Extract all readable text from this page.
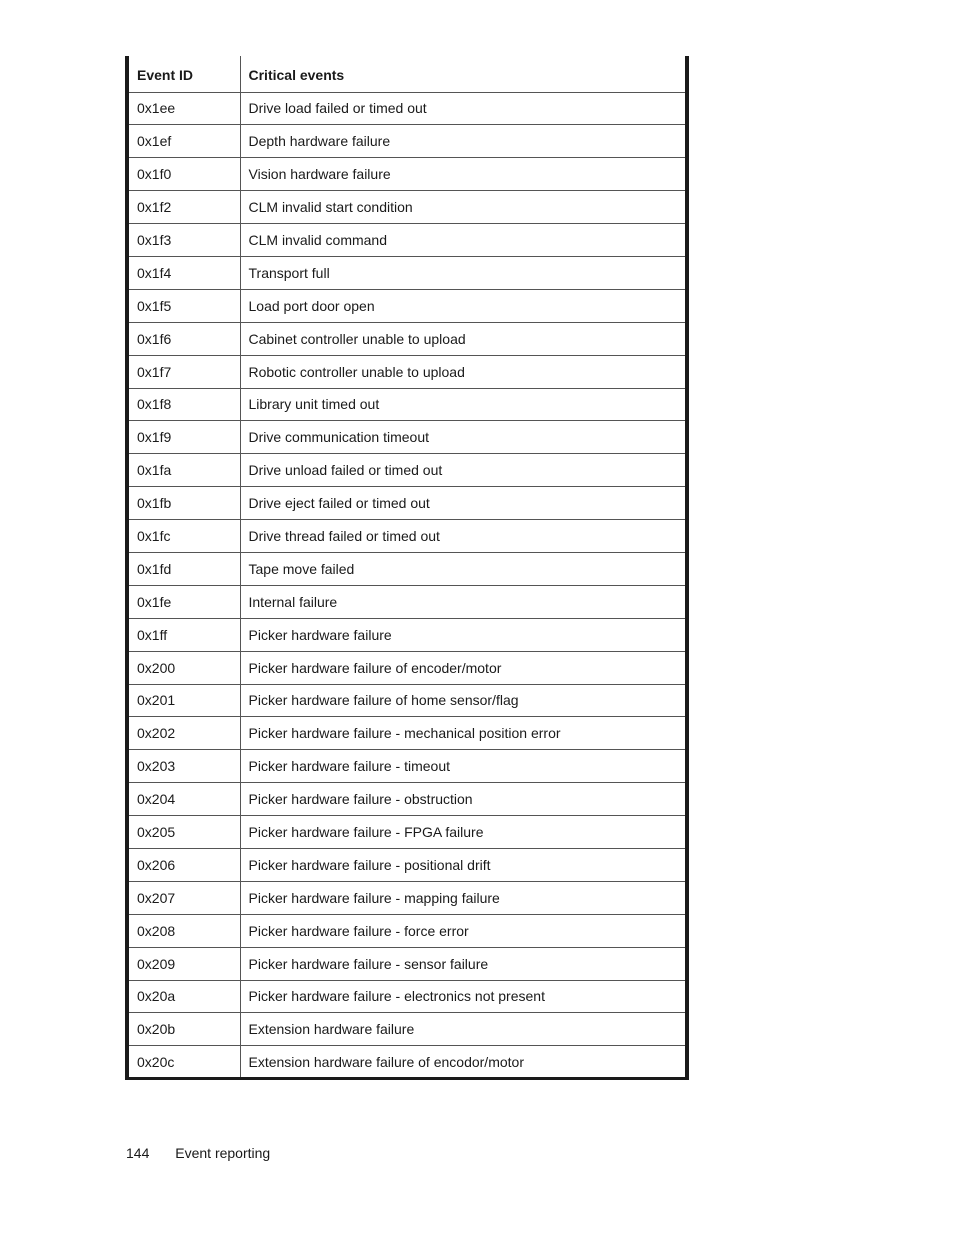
Event ID	Critical events
0x1ee	Drive load failed or timed out
0x1ef	Depth hardware failure
0x1f0	Vision hardware failure
0x1f2	CLM invalid start condition
0x1f3	CLM invalid command
0x1f4	Transport full
0x1f5	Load port door open
0x1f6	Cabinet controller unable to upload
0x1f7	Robotic controller unable to upload
0x1f8	Library unit timed out
0x1f9	Drive communication timeout
0x1fa	Drive unload failed or timed out
0x1fb	Drive eject failed or timed out
0x1fc	Drive thread failed or timed out
0x1fd	Tape move failed
0x1fe	Internal failure
0x1ff	Picker hardware failure
0x200	Picker hardware failure of encoder/motor
0x201	Picker hardware failure of home sensor/flag
0x202	Picker hardware failure - mechanical position error
0x203	Picker hardware failure - timeout
0x204	Picker hardware failure - obstruction
0x205	Picker hardware failure - FPGA failure
0x206	Picker hardware failure - positional drift
0x207	Picker hardware failure - mapping failure
0x208	Picker hardware failure - force error
0x209	Picker hardware failure - sensor failure
0x20a	Picker hardware failure - electronics not present
0x20b	Extension hardware failure
0x20c	Extension hardware failure of encodor/motor
144 Event reporting
